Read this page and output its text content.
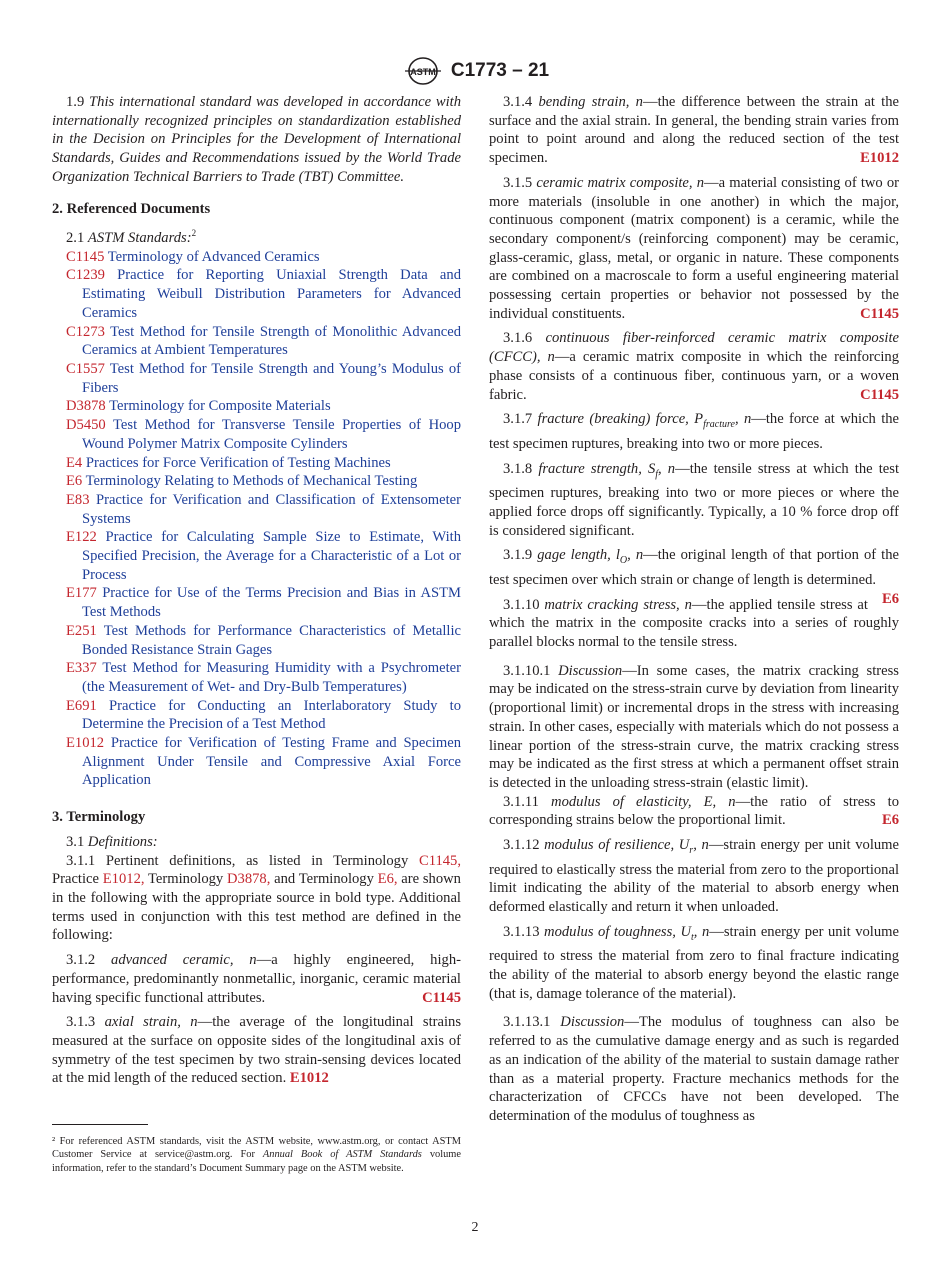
ASTM C1773 – 21

1.9 This international standard was developed in accordance with internationally recognized principles on standardization established in the Decision on Principles for the Development of International Standards, Guides and Recommendations issued by the World Trade Organization Technical Barriers to Trade (TBT) Committee.

2. Referenced Documents

2.1 ASTM Standards:$^2$

C1145 Terminology of Advanced Ceramics

C1239 Practice for Reporting Uniaxial Strength Data and Estimating Weibull Distribution Parameters for Advanced Ceramics

C1273 Test Method for Tensile Strength of Monolithic Advanced Ceramics at Ambient Temperatures

C1557 Test Method for Tensile Strength and Young’s Modulus of Fibers

D3878 Terminology for Composite Materials

D5450 Test Method for Transverse Tensile Properties of Hoop Wound Polymer Matrix Composite Cylinders

E4 Practices for Force Verification of Testing Machines

E6 Terminology Relating to Methods of Mechanical Testing

E83 Practice for Verification and Classification of Extensometer Systems

E122 Practice for Calculating Sample Size to Estimate, With Specified Precision, the Average for a Characteristic of a Lot or Process

E177 Practice for Use of the Terms Precision and Bias in ASTM Test Methods

E251 Test Methods for Performance Characteristics of Metallic Bonded Resistance Strain Gages

E337 Test Method for Measuring Humidity with a Psychrometer (the Measurement of Wet- and Dry-Bulb Temperatures)

E691 Practice for Conducting an Interlaboratory Study to Determine the Precision of a Test Method

E1012 Practice for Verification of Testing Frame and Specimen Alignment Under Tensile and Compressive Axial Force Application

3. Terminology

3.1 Definitions:

3.1.1 Pertinent definitions, as listed in Terminology C1145, Practice E1012, Terminology D3878, and Terminology E6, are shown in the following with the appropriate source in bold type. Additional terms used in conjunction with this test method are defined in the following:

3.1.2 advanced ceramic, n—a highly engineered, high-performance, predominantly nonmetallic, inorganic, ceramic material having specific functional attributes.	C1145

3.1.3 axial strain, n—the average of the longitudinal strains measured at the surface on opposite sides of the longitudinal axis of symmetry of the test specimen by two strain-sensing devices located at the mid length of the reduced section. E1012

² For referenced ASTM standards, visit the ASTM website, www.astm.org, or contact ASTM Customer Service at service@astm.org. For Annual Book of ASTM Standards volume information, refer to the standard’s Document Summary page on the ASTM website.

3.1.4 bending strain, n—the difference between the strain at the surface and the axial strain. In general, the bending strain varies from point to point around and along the reduced section of the test specimen.	E1012

3.1.5 ceramic matrix composite, n—a material consisting of two or more materials (insoluble in one another) in which the major, continuous component (matrix component) is a ceramic, while the secondary component/s (reinforcing component) may be ceramic, glass-ceramic, glass, metal, or organic in nature. These components are combined on a macroscale to form a useful engineering material possessing certain properties or behavior not possessed by the individual constituents.	C1145

3.1.6 continuous fiber-reinforced ceramic matrix composite (CFCC), n—a ceramic matrix composite in which the reinforcing phase consists of a continuous fiber, continuous yarn, or a woven fabric.	C1145

3.1.7 fracture (breaking) force, $P_{fracture}$, n—the force at which the test specimen ruptures, breaking into two or more pieces.

3.1.8 fracture strength, $S_f$, n—the tensile stress at which the test specimen ruptures, breaking into two or more pieces or where the applied force drops off significantly. Typically, a 10 % force drop off is considered significant.

3.1.9 gage length, $l_O$, n—the original length of that portion of the test specimen over which strain or change of length is determined.
E6

3.1.10 matrix cracking stress, n—the applied tensile stress at which the matrix in the composite cracks into a series of roughly parallel blocks normal to the tensile stress.

3.1.10.1 Discussion—In some cases, the matrix cracking stress may be indicated on the stress-strain curve by deviation from linearity (proportional limit) or incremental drops in the stress with increasing strain. In other cases, especially with materials which do not possess a linear portion of the stress-strain curve, the matrix cracking stress may be indicated as the first stress at which a permanent offset strain is detected in the unloading stress-strain (elastic limit).

3.1.11 modulus of elasticity, E, n—the ratio of stress to corresponding strains below the proportional limit.	E6

3.1.12 modulus of resilience, $U_r$, n—strain energy per unit volume required to elastically stress the material from zero to the proportional limit indicating the ability of the material to absorb energy when deformed elastically and return it when unloaded.

3.1.13 modulus of toughness, $U_t$, n—strain energy per unit volume required to stress the material from zero to final fracture indicating the ability of the material to absorb energy beyond the elastic range (that is, damage tolerance of the material).

3.1.13.1 Discussion—The modulus of toughness can also be referred to as the cumulative damage energy and as such is regarded as an indication of the ability of the material to sustain damage rather than as a material property. Fracture mechanics methods for the characterization of CFCCs have not been developed. The determination of the modulus of toughness as

2
